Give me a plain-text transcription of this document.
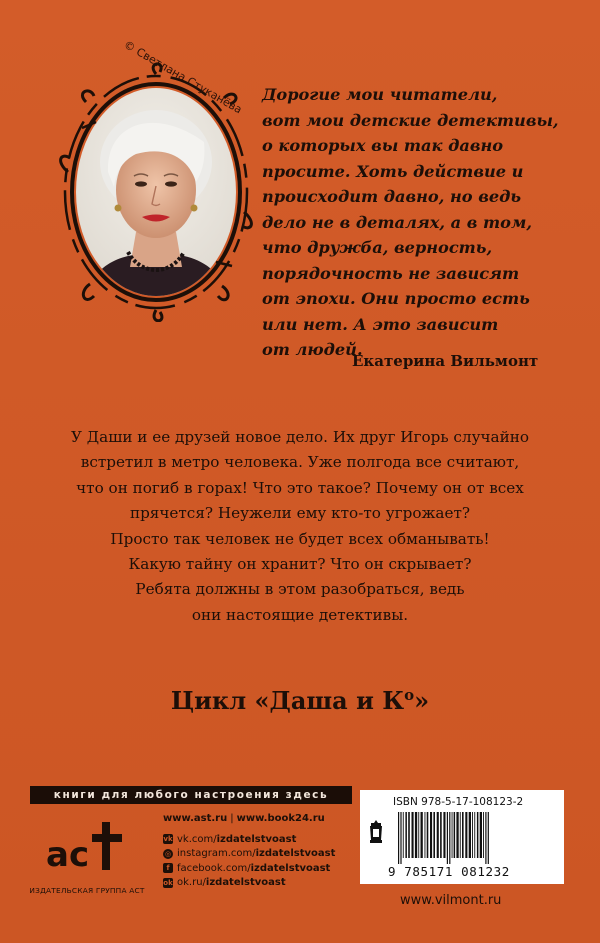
© Светлана Стуканёва	Дорогие мои читатели,
вот мои детские детективы,
о которых вы так давно
просите. Хоть действие и
происходит давно, но ведь
дело не в деталях, а в том,
что дружба, верность,
порядочность не зависят
от эпохи. Они просто есть
или нет. А это зависит
от людей.
Екатерина Вильмонт
У Даши и ее друзей новое дело. Их друг Игорь случайно
встретил в метро человека. Уже полгода все считают,
что он погиб в горах! Что это такое? Почему он от всех
прячется? Неужели ему кто-то угрожает?
Просто так человек не будет всех обманывать!
Какую тайну он хранит? Что он скрывает?
Ребята должны в этом разобраться, ведь
они настоящие детективы.
Цикл «Даша и $К^о$»
книги для любого настроения здесь
ас
ИЗДАТЕЛЬСКАЯ ГРУППА АСТ
www.ast.ru | www.book24.ru
vk vk.com/ izdatelstvoast
◎ instagram.com/ izdatelstvoast
f facebook.com/ izdatelstvoast
ok ok.ru/ izdatelstvoast
ISBN 978-5-17-108123-2
9 785171 081232
www.vilmont.ru
